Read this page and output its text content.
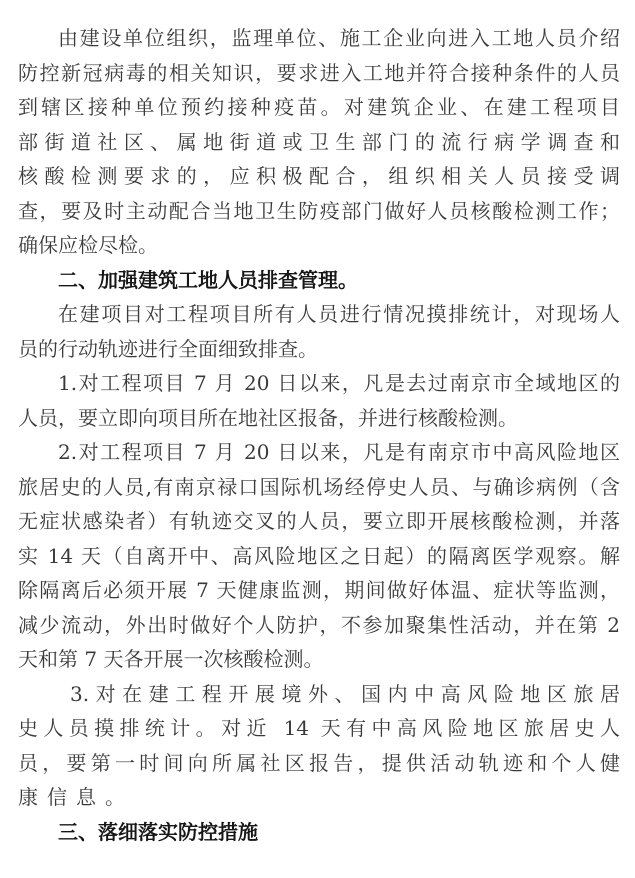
由建设单位组织，监理单位、施工企业向进入工地人员介绍
防控新冠病毒的相关知识，要求进入工地并符合接种条件的人员
到辖区接种单位预约接种疫苗。对建筑企业、在建工程项目
部街道社区、属地街道或卫生部门的流行病学调查和
核酸检测要求的，应积极配合，组织相关人员接受调
查，要及时主动配合当地卫生防疫部门做好人员核酸检测工作；
确保应检尽检。
二、加强建筑工地人员排查管理。
在建项目对工程项目所有人员进行情况摸排统计，对现场人
员的行动轨迹进行全面细致排查。
1.对工程项目 7 月 20 日以来，凡是去过南京市全域地区的
人员，要立即向项目所在地社区报备，并进行核酸检测。
2.对工程项目 7 月 20 日以来，凡是有南京市中高风险地区
旅居史的人员,有南京禄口国际机场经停史人员、与确诊病例（含
无症状感染者）有轨迹交叉的人员，要立即开展核酸检测，并落
实 14 天（自离开中、高风险地区之日起）的隔离医学观察。解
除隔离后必须开展 7 天健康监测，期间做好体温、症状等监测，
减少流动，外出时做好个人防护，不参加聚集性活动，并在第 2
天和第 7 天各开展一次核酸检测。
3.对在建工程开展境外、国内中高风险地区旅居
史人员摸排统计。对近 14 天有中高风险地区旅居史人
员，要第一时间向所属社区报告，提供活动轨迹和个人健
康信息。
三、落细落实防控措施
